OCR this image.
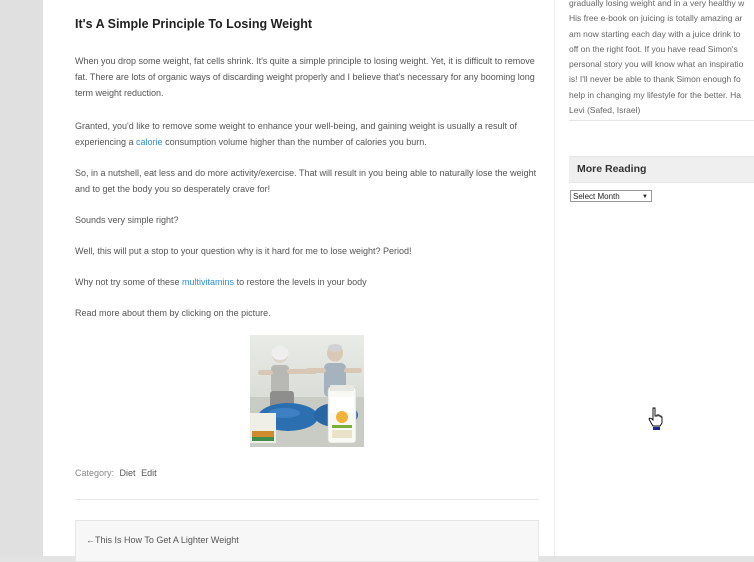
It's A Simple Principle To Losing Weight

When you drop some weight, fat cells shrink. It's quite a simple principle to losing weight. Yet, it is difficult to remove fat. There are lots of organic ways of discarding weight properly and I believe that's necessary for any booming long term weight reduction.

Granted, you'd like to remove some weight to enhance your well-being, and gaining weight is usually a result of experiencing a calorie consumption volume higher than the number of calories you burn.

So, in a nutshell, eat less and do more activity/exercise. That will result in you being able to naturally lose the weight and to get the body you so desperately crave for!

Sounds very simple right?

Well, this will put a stop to your question why is it hard for me to lose weight? Period!

Why not try some of these multivitamins to restore the levels in your body

Read more about them by clicking on the picture.

Category: Diet Edit
←This Is How To Get A Lighter Weight
gradually losing weight and in a very healthy w
His free e-book on juicing is totally amazing ar
am now starting each day with a juice drink to
off on the right foot. If you have read Simon's
personal story you will know what an inspiratio
is! I'll never be able to thank Simon enough fo
help in changing my lifestyle for the better. Ha
Levi (Safed, Israel)
More Reading
Select Month	▼
